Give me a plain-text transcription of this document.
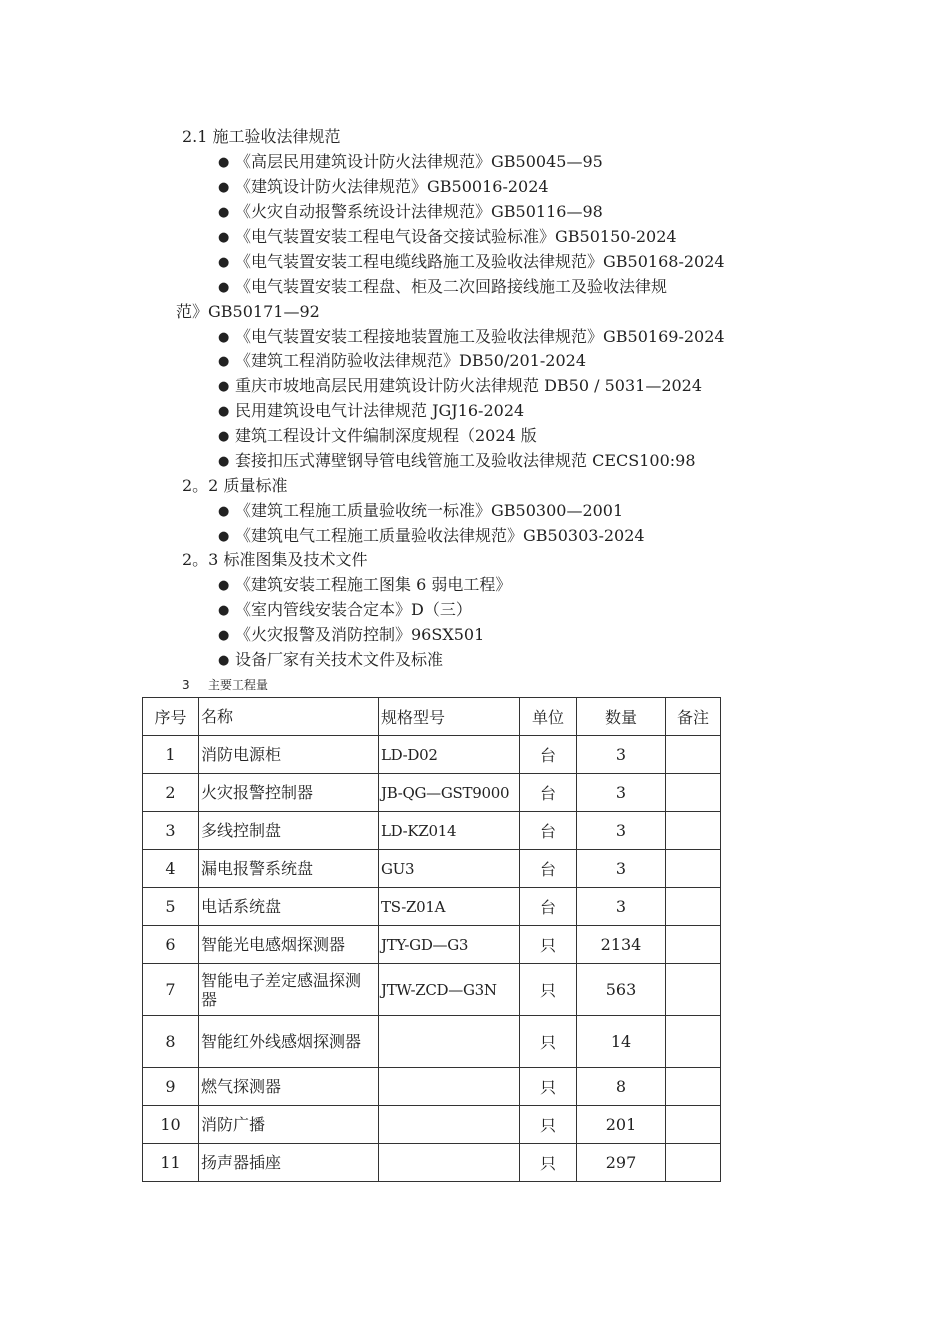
2.1 施工验收法律规范
● 《高层民用建筑设计防火法律规范》GB50045—95
● 《建筑设计防火法律规范》GB50016-2024
● 《火灾自动报警系统设计法律规范》GB50116—98
● 《电气装置安装工程电气设备交接试验标准》GB50150-2024
● 《电气装置安装工程电缆线路施工及验收法律规范》GB50168-2024
● 《电气装置安装工程盘、柜及二次回路接线施工及验收法律规
范》GB50171—92
● 《电气装置安装工程接地装置施工及验收法律规范》GB50169-2024
● 《建筑工程消防验收法律规范》DB50/201-2024
● 重庆市坡地高层民用建筑设计防火法律规范 DB50 / 5031—2024
● 民用建筑设电气计法律规范 JGJ16-2024
● 建筑工程设计文件编制深度规程（2024 版
● 套接扣压式薄壁钢导管电线管施工及验收法律规范 CECS100:98
2。2 质量标准
● 《建筑工程施工质量验收统一标准》GB50300—2001
● 《建筑电气工程施工质量验收法律规范》GB50303-2024
2。3 标准图集及技术文件
● 《建筑安装工程施工图集 6 弱电工程》
● 《室内管线安装合定本》D（三）
● 《火灾报警及消防控制》96SX501
● 设备厂家有关技术文件及标准
3 主要工程量
序号	名称	规格型号	单位	数量	备注
1	消防电源柜	LD-D02	台	3	
2	火灾报警控制器	JB-QG—GST9000	台	3	
3	多线控制盘	LD-KZ014	台	3	
4	漏电报警系统盘	GU3	台	3	
5	电话系统盘	TS-Z01A	台	3	
6	智能光电感烟探测器	JTY-GD—G3	只	2134	
7	智能电子差定感温探测器	JTW-ZCD—G3N	只	563	
8	智能红外线感烟探测器		只	14	
9	燃气探测器		只	8	
10	消防广播		只	201	
11	扬声器插座		只	297	
